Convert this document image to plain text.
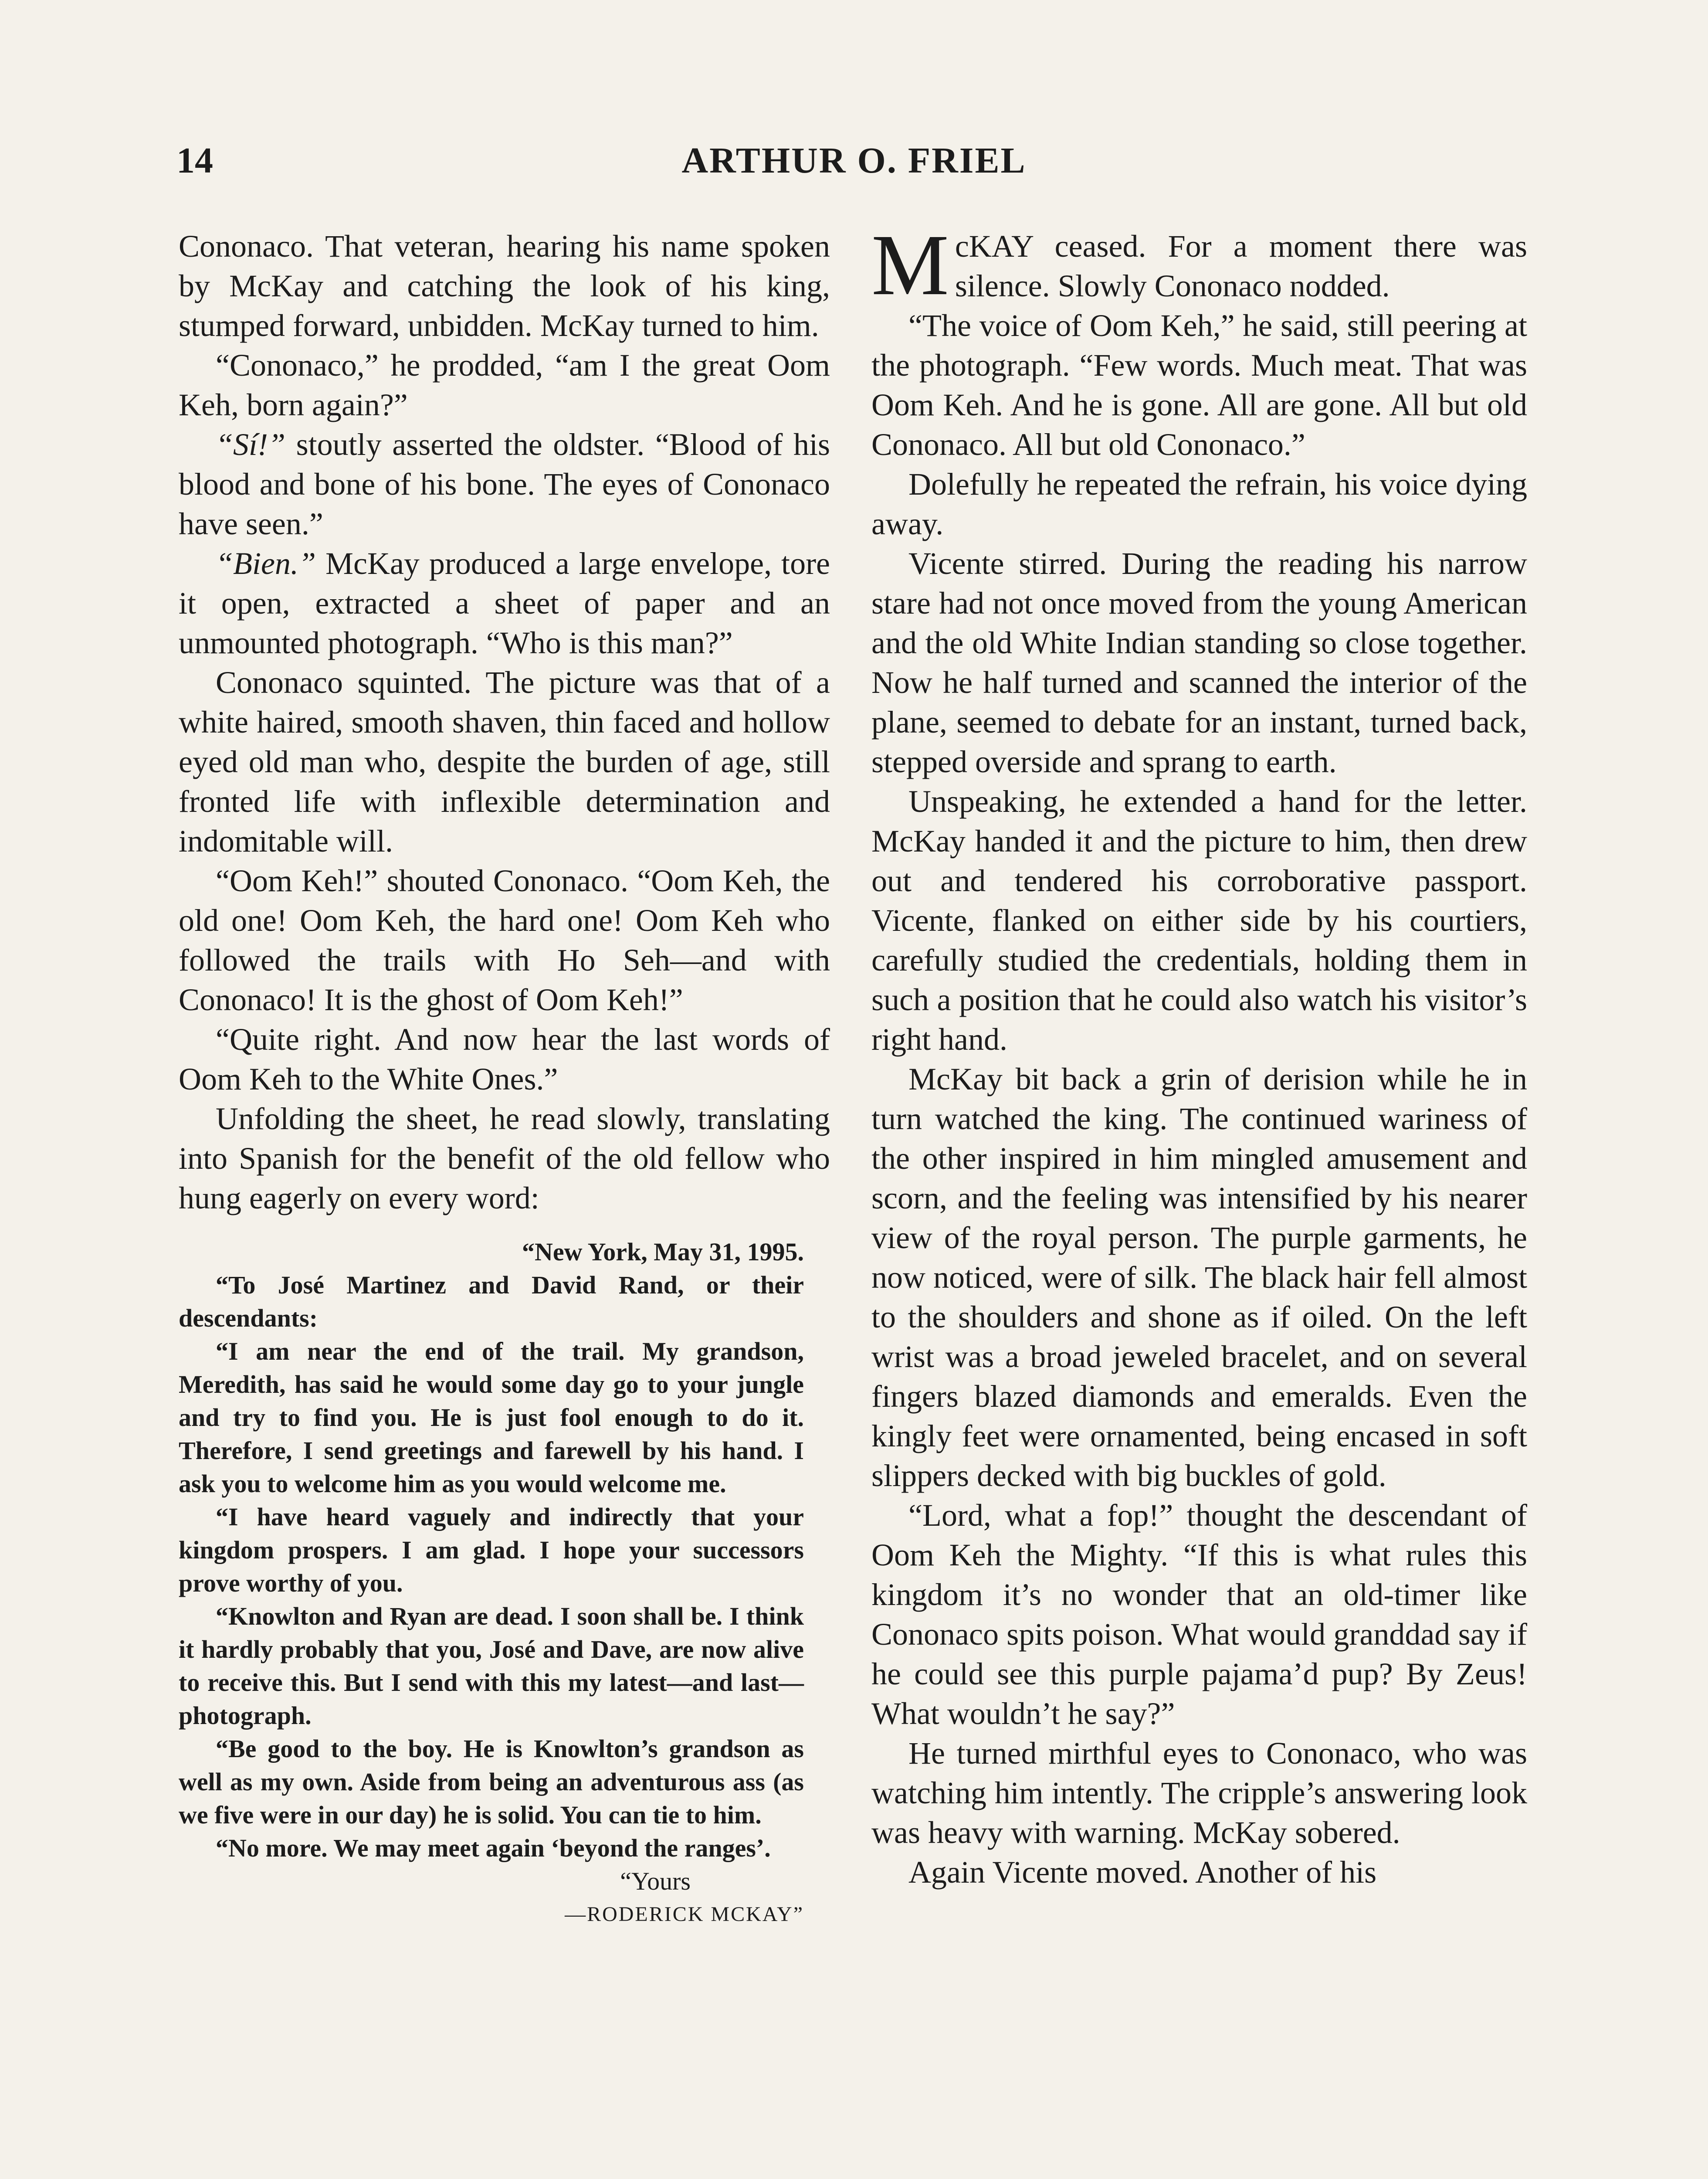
14	ARTHUR O. FRIEL

Cononaco. That veteran, hearing his name spoken by McKay and catching the look of his king, stumped forward, unbidden. McKay turned to him.

“Cononaco,” he prodded, “am I the great Oom Keh, born again?”

“Sí!” stoutly asserted the oldster. “Blood of his blood and bone of his bone. The eyes of Cononaco have seen.”

“Bien.” McKay produced a large envelope, tore it open, extracted a sheet of paper and an unmounted photograph. “Who is this man?”

Cononaco squinted. The picture was that of a white haired, smooth shaven, thin faced and hollow eyed old man who, despite the burden of age, still fronted life with inflexible determination and indomitable will.

“Oom Keh!” shouted Cononaco. “Oom Keh, the old one! Oom Keh, the hard one! Oom Keh who followed the trails with Ho Seh—and with Cononaco! It is the ghost of Oom Keh!”

“Quite right. And now hear the last words of Oom Keh to the White Ones.”

Unfolding the sheet, he read slowly, translating into Spanish for the benefit of the old fellow who hung eagerly on every word:

“New York, May 31, 1995.

“To José Martinez and David Rand, or their descendants:

“I am near the end of the trail. My grandson, Meredith, has said he would some day go to your jungle and try to find you. He is just fool enough to do it. Therefore, I send greetings and farewell by his hand. I ask you to welcome him as you would welcome me.

“I have heard vaguely and indirectly that your kingdom prospers. I am glad. I hope your successors prove worthy of you.

“Knowlton and Ryan are dead. I soon shall be. I think it hardly probably that you, José and Dave, are now alive to receive this. But I send with this my latest—and last—photograph.

“Be good to the boy. He is Knowlton’s grandson as well as my own. Aside from being an adventurous ass (as we five were in our day) he is solid. You can tie to him.

“No more. We may meet again ‘beyond the ranges’.

“Yours

—RODERICK MCKAY”

McKAY ceased. For a moment there was silence. Slowly Cononaco nodded.

“The voice of Oom Keh,” he said, still peering at the photograph. “Few words. Much meat. That was Oom Keh. And he is gone. All are gone. All but old Cononaco. All but old Cononaco.”

Dolefully he repeated the refrain, his voice dying away.

Vicente stirred. During the reading his narrow stare had not once moved from the young American and the old White Indian standing so close together. Now he half turned and scanned the interior of the plane, seemed to debate for an instant, turned back, stepped overside and sprang to earth.

Unspeaking, he extended a hand for the letter. McKay handed it and the picture to him, then drew out and tendered his corroborative passport. Vicente, flanked on either side by his courtiers, carefully studied the credentials, holding them in such a position that he could also watch his visitor’s right hand.

McKay bit back a grin of derision while he in turn watched the king. The continued wariness of the other inspired in him mingled amusement and scorn, and the feeling was intensified by his nearer view of the royal person. The purple garments, he now noticed, were of silk. The black hair fell almost to the shoulders and shone as if oiled. On the left wrist was a broad jeweled bracelet, and on several fingers blazed diamonds and emeralds. Even the kingly feet were ornamented, being encased in soft slippers decked with big buckles of gold.

“Lord, what a fop!” thought the descendant of Oom Keh the Mighty. “If this is what rules this kingdom it’s no wonder that an old-timer like Cononaco spits poison. What would granddad say if he could see this purple pajama’d pup? By Zeus! What wouldn’t he say?”

He turned mirthful eyes to Cononaco, who was watching him intently. The cripple’s answering look was heavy with warning. McKay sobered.

Again Vicente moved. Another of his
